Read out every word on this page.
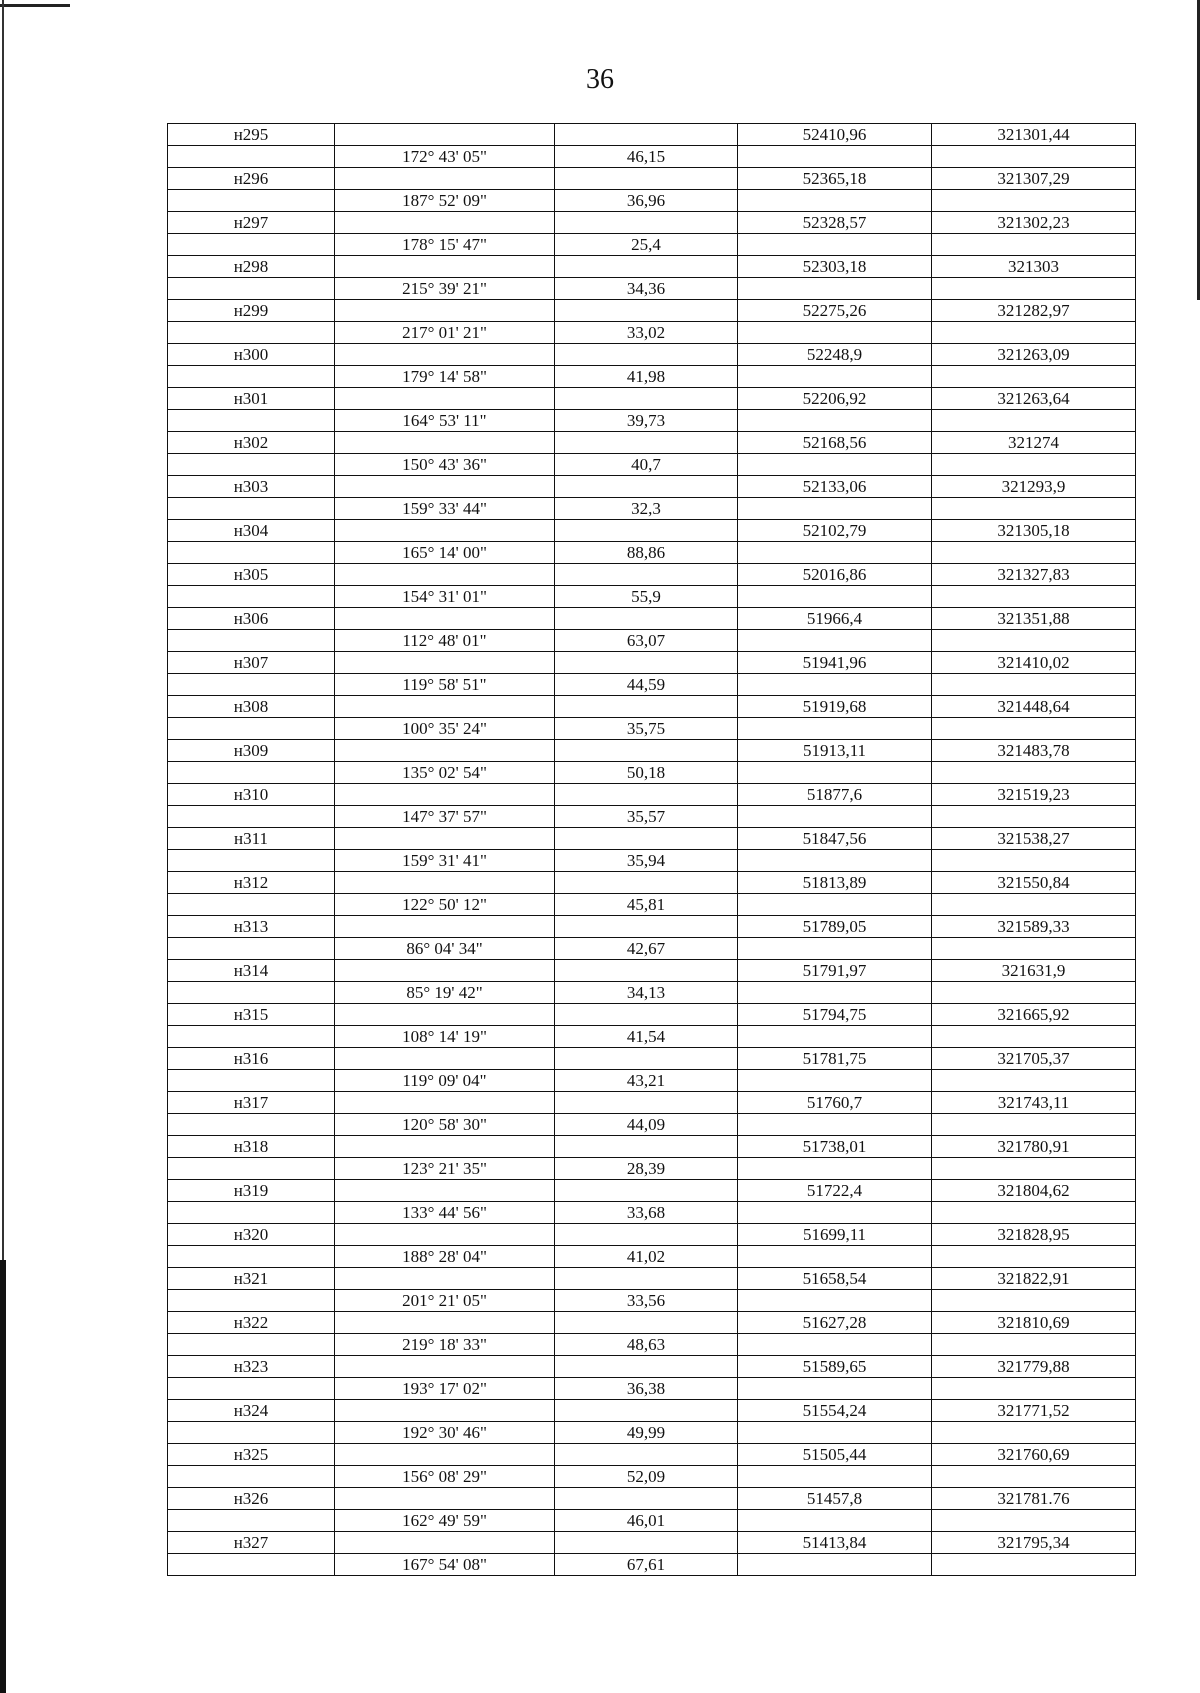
36
н295			52410,96	321301,44
	172° 43' 05"	46,15		
н296			52365,18	321307,29
	187° 52' 09"	36,96		
н297			52328,57	321302,23
	178° 15' 47"	25,4		
н298			52303,18	321303
	215° 39' 21"	34,36		
н299			52275,26	321282,97
	217° 01' 21"	33,02		
н300			52248,9	321263,09
	179° 14' 58"	41,98		
н301			52206,92	321263,64
	164° 53' 11"	39,73		
н302			52168,56	321274
	150° 43' 36"	40,7		
н303			52133,06	321293,9
	159° 33' 44"	32,3		
н304			52102,79	321305,18
	165° 14' 00"	88,86		
н305			52016,86	321327,83
	154° 31' 01"	55,9		
н306			51966,4	321351,88
	112° 48' 01"	63,07		
н307			51941,96	321410,02
	119° 58' 51"	44,59		
н308			51919,68	321448,64
	100° 35' 24"	35,75		
н309			51913,11	321483,78
	135° 02' 54"	50,18		
н310			51877,6	321519,23
	147° 37' 57"	35,57		
н311			51847,56	321538,27
	159° 31' 41"	35,94		
н312			51813,89	321550,84
	122° 50' 12"	45,81		
н313			51789,05	321589,33
	86° 04' 34"	42,67		
н314			51791,97	321631,9
	85° 19' 42"	34,13		
н315			51794,75	321665,92
	108° 14' 19"	41,54		
н316			51781,75	321705,37
	119° 09' 04"	43,21		
н317			51760,7	321743,11
	120° 58' 30"	44,09		
н318			51738,01	321780,91
	123° 21' 35"	28,39		
н319			51722,4	321804,62
	133° 44' 56"	33,68		
н320			51699,11	321828,95
	188° 28' 04"	41,02		
н321			51658,54	321822,91
	201° 21' 05"	33,56		
н322			51627,28	321810,69
	219° 18' 33"	48,63		
н323			51589,65	321779,88
	193° 17' 02"	36,38		
н324			51554,24	321771,52
	192° 30' 46"	49,99		
н325			51505,44	321760,69
	156° 08' 29"	52,09		
н326			51457,8	321781.76
	162° 49' 59"	46,01		
н327			51413,84	321795,34
	167° 54' 08"	67,61		
